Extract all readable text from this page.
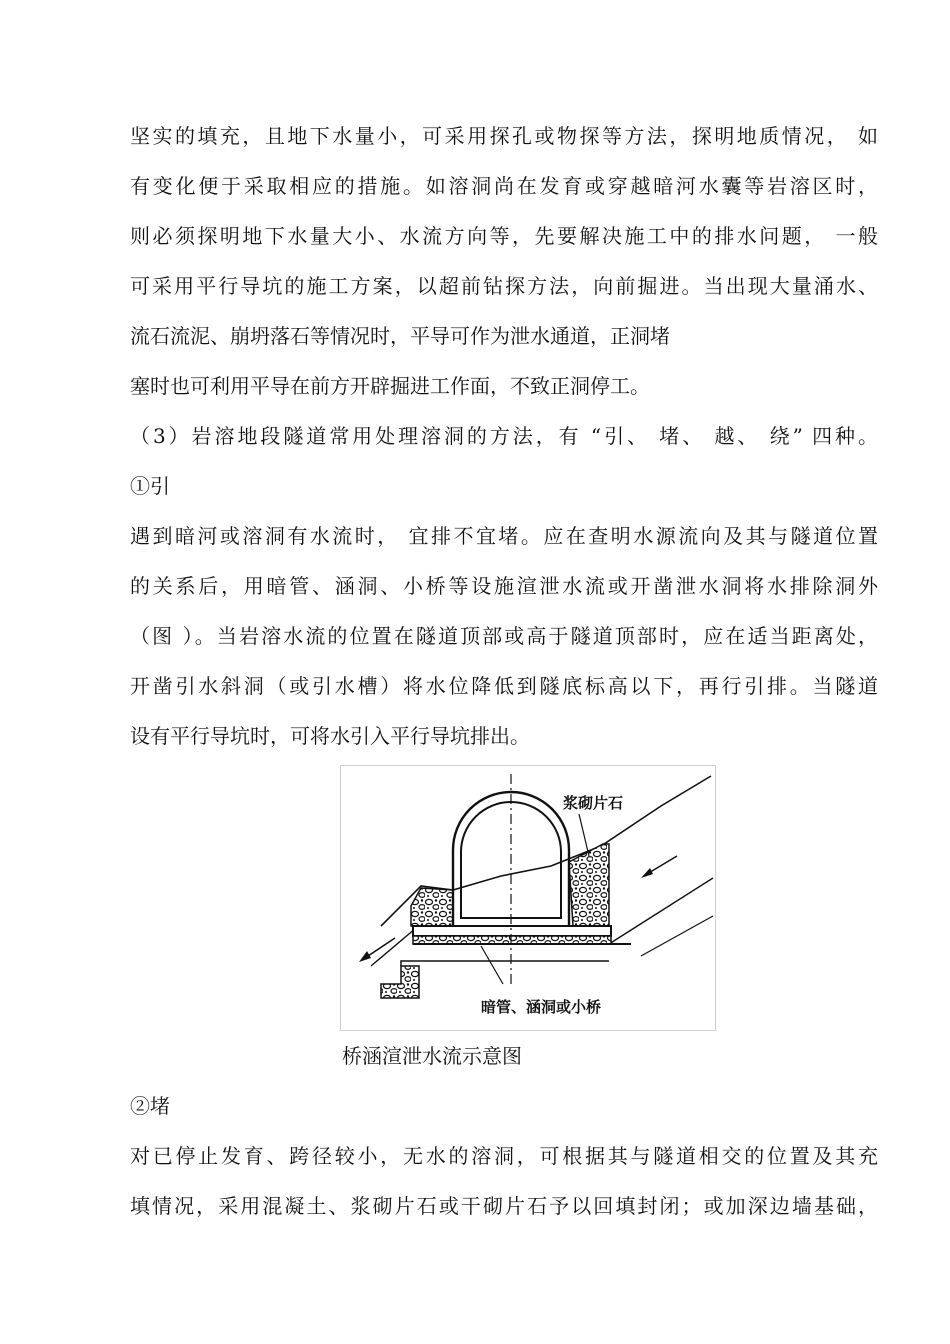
坚实的填充，且地下水量小，可采用探孔或物探等方法，探明地质情况， 如
有变化便于采取相应的措施。如溶洞尚在发育或穿越暗河水囊等岩溶区时，
则必须探明地下水量大小、水流方向等，先要解决施工中的排水问题， 一般
可采用平行导坑的施工方案，以超前钻探方法，向前掘进。当出现大量涌水、
流石流泥、崩坍落石等情况时，平导可作为泄水通道，正洞堵
塞时也可利用平导在前方开辟掘进工作面，不致正洞停工。
（3）岩溶地段隧道常用处理溶洞的方法，有 “引、 堵、 越、 绕” 四种。
①引
遇到暗河或溶洞有水流时， 宜排不宜堵。应在查明水源流向及其与隧道位置
的关系后，用暗管、涵洞、小桥等设施渲泄水流或开凿泄水洞将水排除洞外
（图 ）。当岩溶水流的位置在隧道顶部或高于隧道顶部时，应在适当距离处，
开凿引水斜洞（或引水槽）将水位降低到隧底标高以下，再行引排。当隧道
设有平行导坑时，可将水引入平行导坑排出。
浆砌片石
暗管、涵洞或小桥
桥涵渲泄水流示意图
②堵
对已停止发育、跨径较小，无水的溶洞，可根据其与隧道相交的位置及其充
填情况，采用混凝土、浆砌片石或干砌片石予以回填封闭；或加深边墙基础，
